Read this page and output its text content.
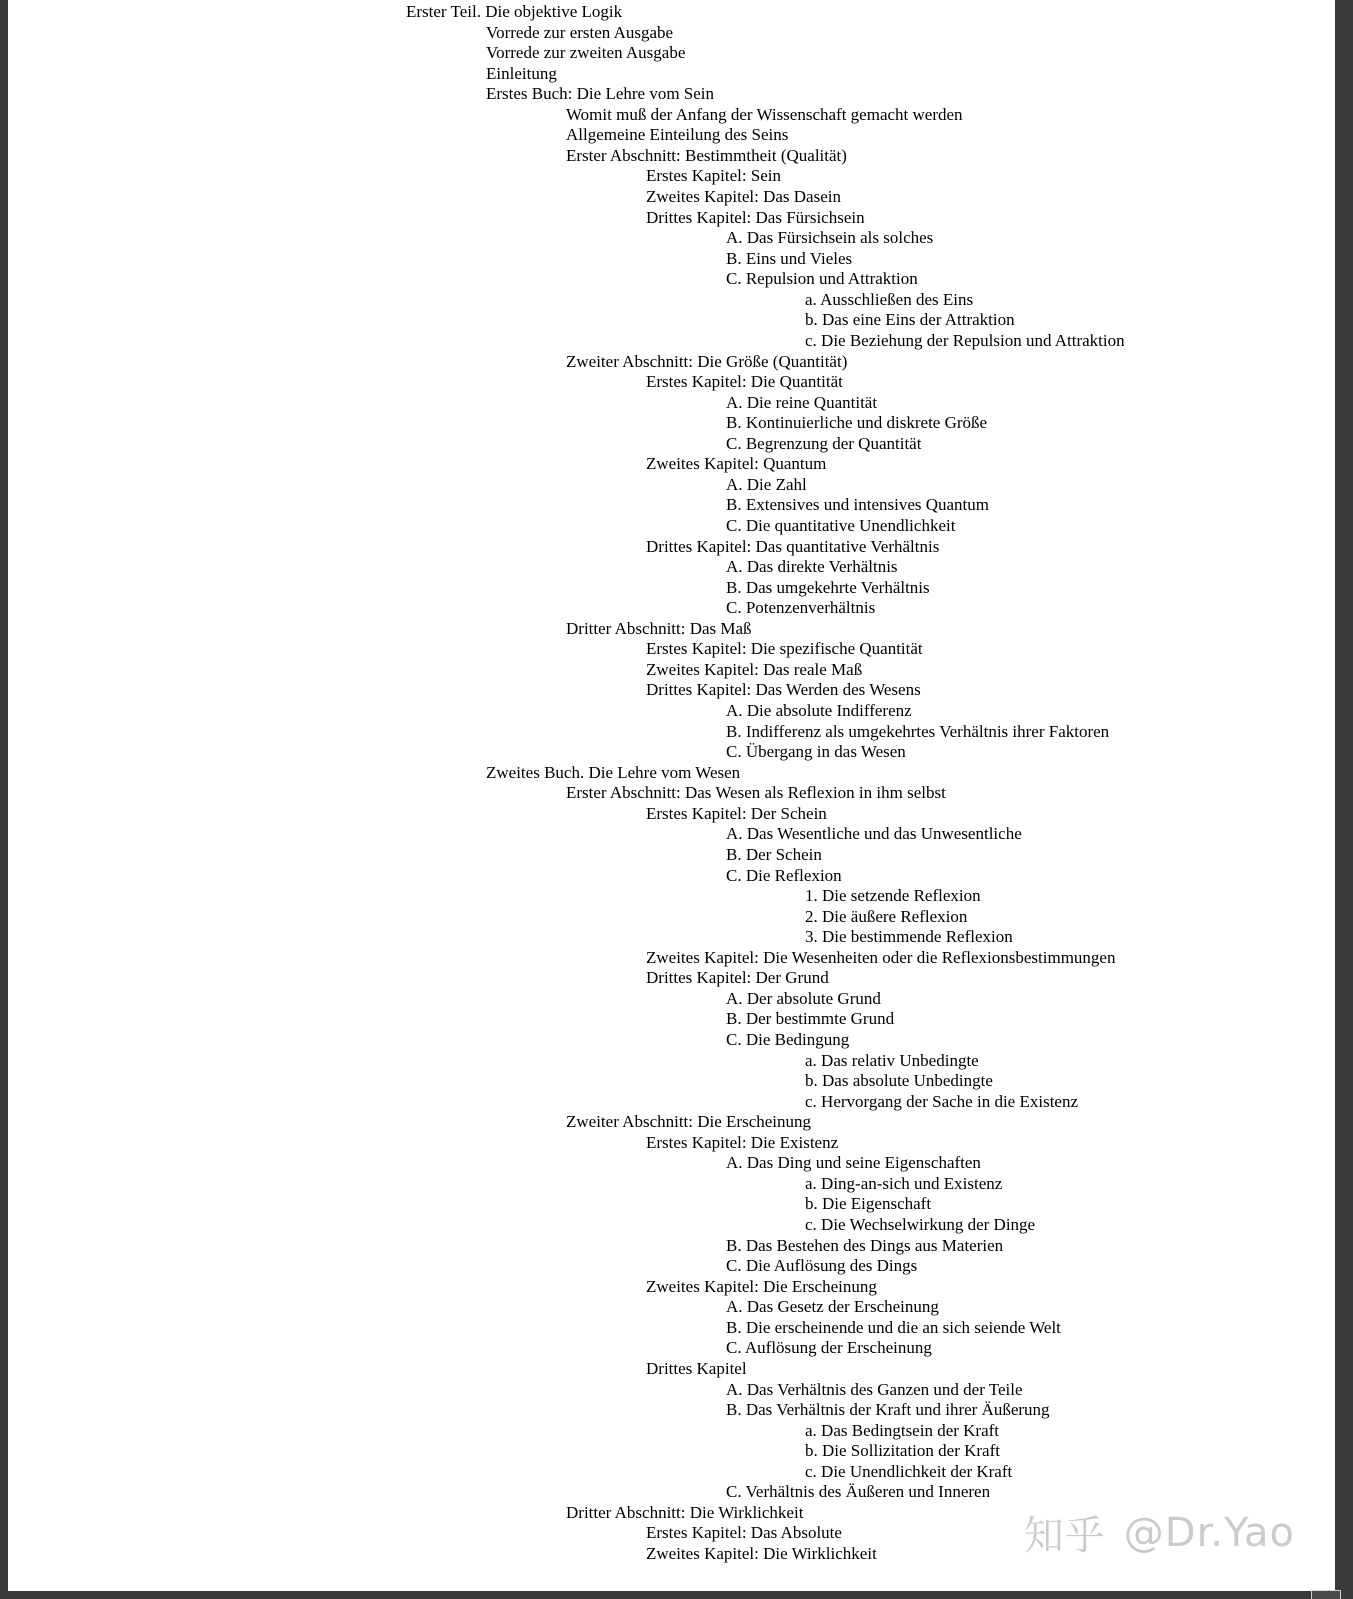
Erster Teil. Die objektive Logik
Vorrede zur ersten Ausgabe
Vorrede zur zweiten Ausgabe
Einleitung
Erstes Buch: Die Lehre vom Sein
Womit muß der Anfang der Wissenschaft gemacht werden
Allgemeine Einteilung des Seins
Erster Abschnitt: Bestimmtheit (Qualität)
Erstes Kapitel: Sein
Zweites Kapitel: Das Dasein
Drittes Kapitel: Das Fürsichsein
A. Das Fürsichsein als solches
B. Eins und Vieles
C. Repulsion und Attraktion
a. Ausschließen des Eins
b. Das eine Eins der Attraktion
c. Die Beziehung der Repulsion und Attraktion
Zweiter Abschnitt: Die Größe (Quantität)
Erstes Kapitel: Die Quantität
A. Die reine Quantität
B. Kontinuierliche und diskrete Größe
C. Begrenzung der Quantität
Zweites Kapitel: Quantum
A. Die Zahl
B. Extensives und intensives Quantum
C. Die quantitative Unendlichkeit
Drittes Kapitel: Das quantitative Verhältnis
A. Das direkte Verhältnis
B. Das umgekehrte Verhältnis
C. Potenzenverhältnis
Dritter Abschnitt: Das Maß
Erstes Kapitel: Die spezifische Quantität
Zweites Kapitel: Das reale Maß
Drittes Kapitel: Das Werden des Wesens
A. Die absolute Indifferenz
B. Indifferenz als umgekehrtes Verhältnis ihrer Faktoren
C. Übergang in das Wesen
Zweites Buch. Die Lehre vom Wesen
Erster Abschnitt: Das Wesen als Reflexion in ihm selbst
Erstes Kapitel: Der Schein
A. Das Wesentliche und das Unwesentliche
B. Der Schein
C. Die Reflexion
1. Die setzende Reflexion
2. Die äußere Reflexion
3. Die bestimmende Reflexion
Zweites Kapitel: Die Wesenheiten oder die Reflexionsbestimmungen
Drittes Kapitel: Der Grund
A. Der absolute Grund
B. Der bestimmte Grund
C. Die Bedingung
a. Das relativ Unbedingte
b. Das absolute Unbedingte
c. Hervorgang der Sache in die Existenz
Zweiter Abschnitt: Die Erscheinung
Erstes Kapitel: Die Existenz
A. Das Ding und seine Eigenschaften
a. Ding-an-sich und Existenz
b. Die Eigenschaft
c. Die Wechselwirkung der Dinge
B. Das Bestehen des Dings aus Materien
C. Die Auflösung des Dings
Zweites Kapitel: Die Erscheinung
A. Das Gesetz der Erscheinung
B. Die erscheinende und die an sich seiende Welt
C. Auflösung der Erscheinung
Drittes Kapitel
A. Das Verhältnis des Ganzen und der Teile
B. Das Verhältnis der Kraft und ihrer Äußerung
a. Das Bedingtsein der Kraft
b. Die Sollizitation der Kraft
c. Die Unendlichkeit der Kraft
C. Verhältnis des Äußeren und Inneren
Dritter Abschnitt: Die Wirklichkeit
Erstes Kapitel: Das Absolute
Zweites Kapitel: Die Wirklichkeit	知乎 @Dr.Yao
